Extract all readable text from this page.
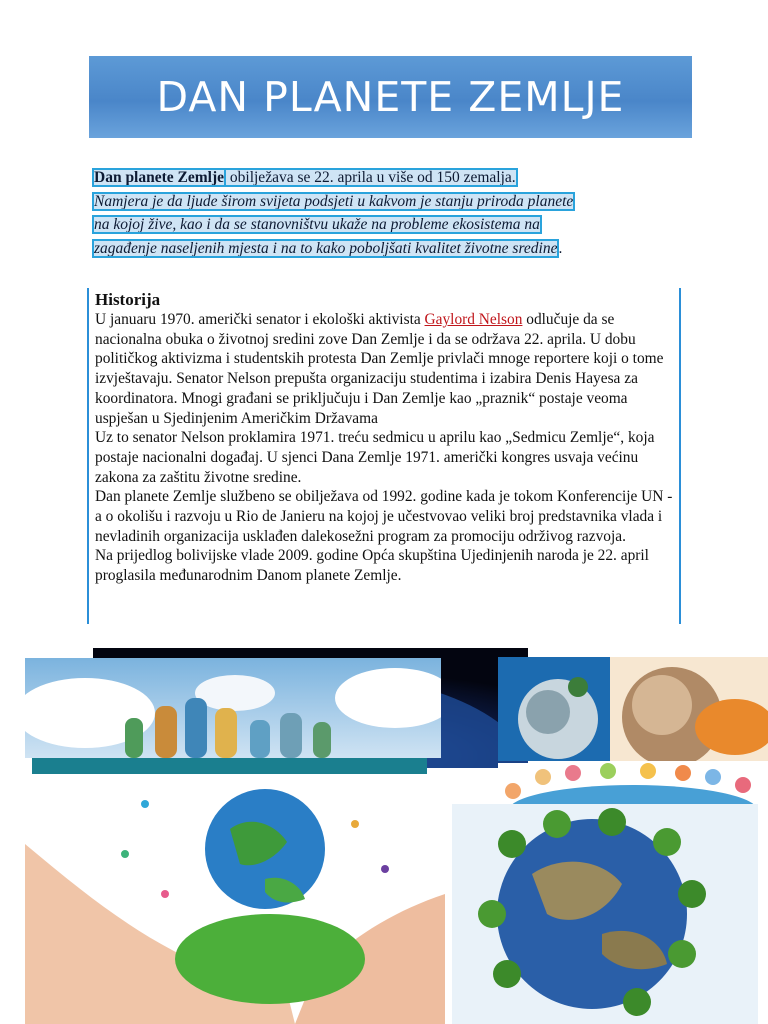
DAN PLANETE ZEMLJE
Dan planete Zemlje obilježava se 22. aprila u više od 150 zemalja.
Namjera je da ljude širom svijeta podsjeti u kakvom je stanju priroda planete
na kojoj žive, kao i da se stanovništvu ukaže na probleme ekosistema na
zagađenje naseljenih mjesta i na to kako poboljšati kvalitet životne sredine.
Historija

U januaru 1970. američki senator i ekološki aktivista Gaylord Nelson odlučuje da se nacionalna obuka o životnoj sredini zove Dan Zemlje i da se održava 22. aprila. U dobu političkog aktivizma i studentskih protesta Dan Zemlje privlači mnoge reportere koji o tome izvještavaju. Senator Nelson prepušta organizaciju studentima i izabira Denis Hayesa za koordinatora. Mnogi građani se priključuju i Dan Zemlje kao „praznik“ postaje veoma uspješan u Sjedinjenim Američkim Državama

Uz to senator Nelson proklamira 1971. treću sedmicu u aprilu kao „Sedmicu Zemlje“, koja postaje nacionalni događaj. U sjenci Dana Zemlje 1971. američki kongres usvaja većinu zakona za zaštitu životne sredine.

Dan planete Zemlje službeno se obilježava od 1992. godine kada je tokom Konferencije UN -a o okolišu i razvoju u Rio de Janieru na kojoj je učestvovao veliki broj predstavnika vlada i nevladinih organizacija usklađen dalekosežni program za promociju održivog razvoja.

Na prijedlog bolivijske vlade 2009. godine Općа skupština Ujedinjenih naroda je 22. april proglasila međunarodnim Danom planete Zemlje.
